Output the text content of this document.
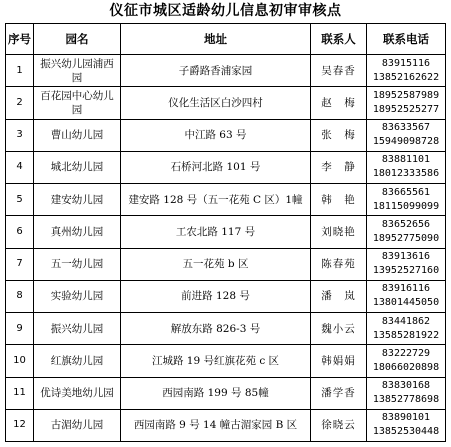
仪征市城区适龄幼儿信息初审审核点
序号	园名	地址	联系人	联系电话
1	振兴幼儿园浦西园	子爵路香浦家园	吴春香	83915116
13852162622

2	百花园中心幼儿园	仪化生活区白沙四村	赵　梅	18952587989
18952525277

3	曹山幼儿园	中江路 63 号	张　梅	83633567
15949098728

4	城北幼儿园	石桥河北路 101 号	李　静	83881101
18012333586

5	建安幼儿园	建安路 128 号（五一花苑 C 区）1幢	韩　艳	83665561
18115099099

6	真州幼儿园	工农北路 117 号	刘晓艳	83652656
18952775090

7	五一幼儿园	五一花苑 b 区	陈春苑	83913616
13952527160

8	实验幼儿园	前进路 128 号	潘　岚	83916116
13801445050

9	振兴幼儿园	解放东路 826-3 号	魏小云	83441862
13585281922

10	红旗幼儿园	江城路 19 号红旗花苑 c 区	韩娟娟	83222729
18066020898

11	优诗美地幼儿园	西园南路 199 号 85幢	潘学香	83830168
13852778698

12	古湄幼儿园	西园南路 9 号 14 幢古湄家园 B 区	徐晓云	83890101
13852530448
